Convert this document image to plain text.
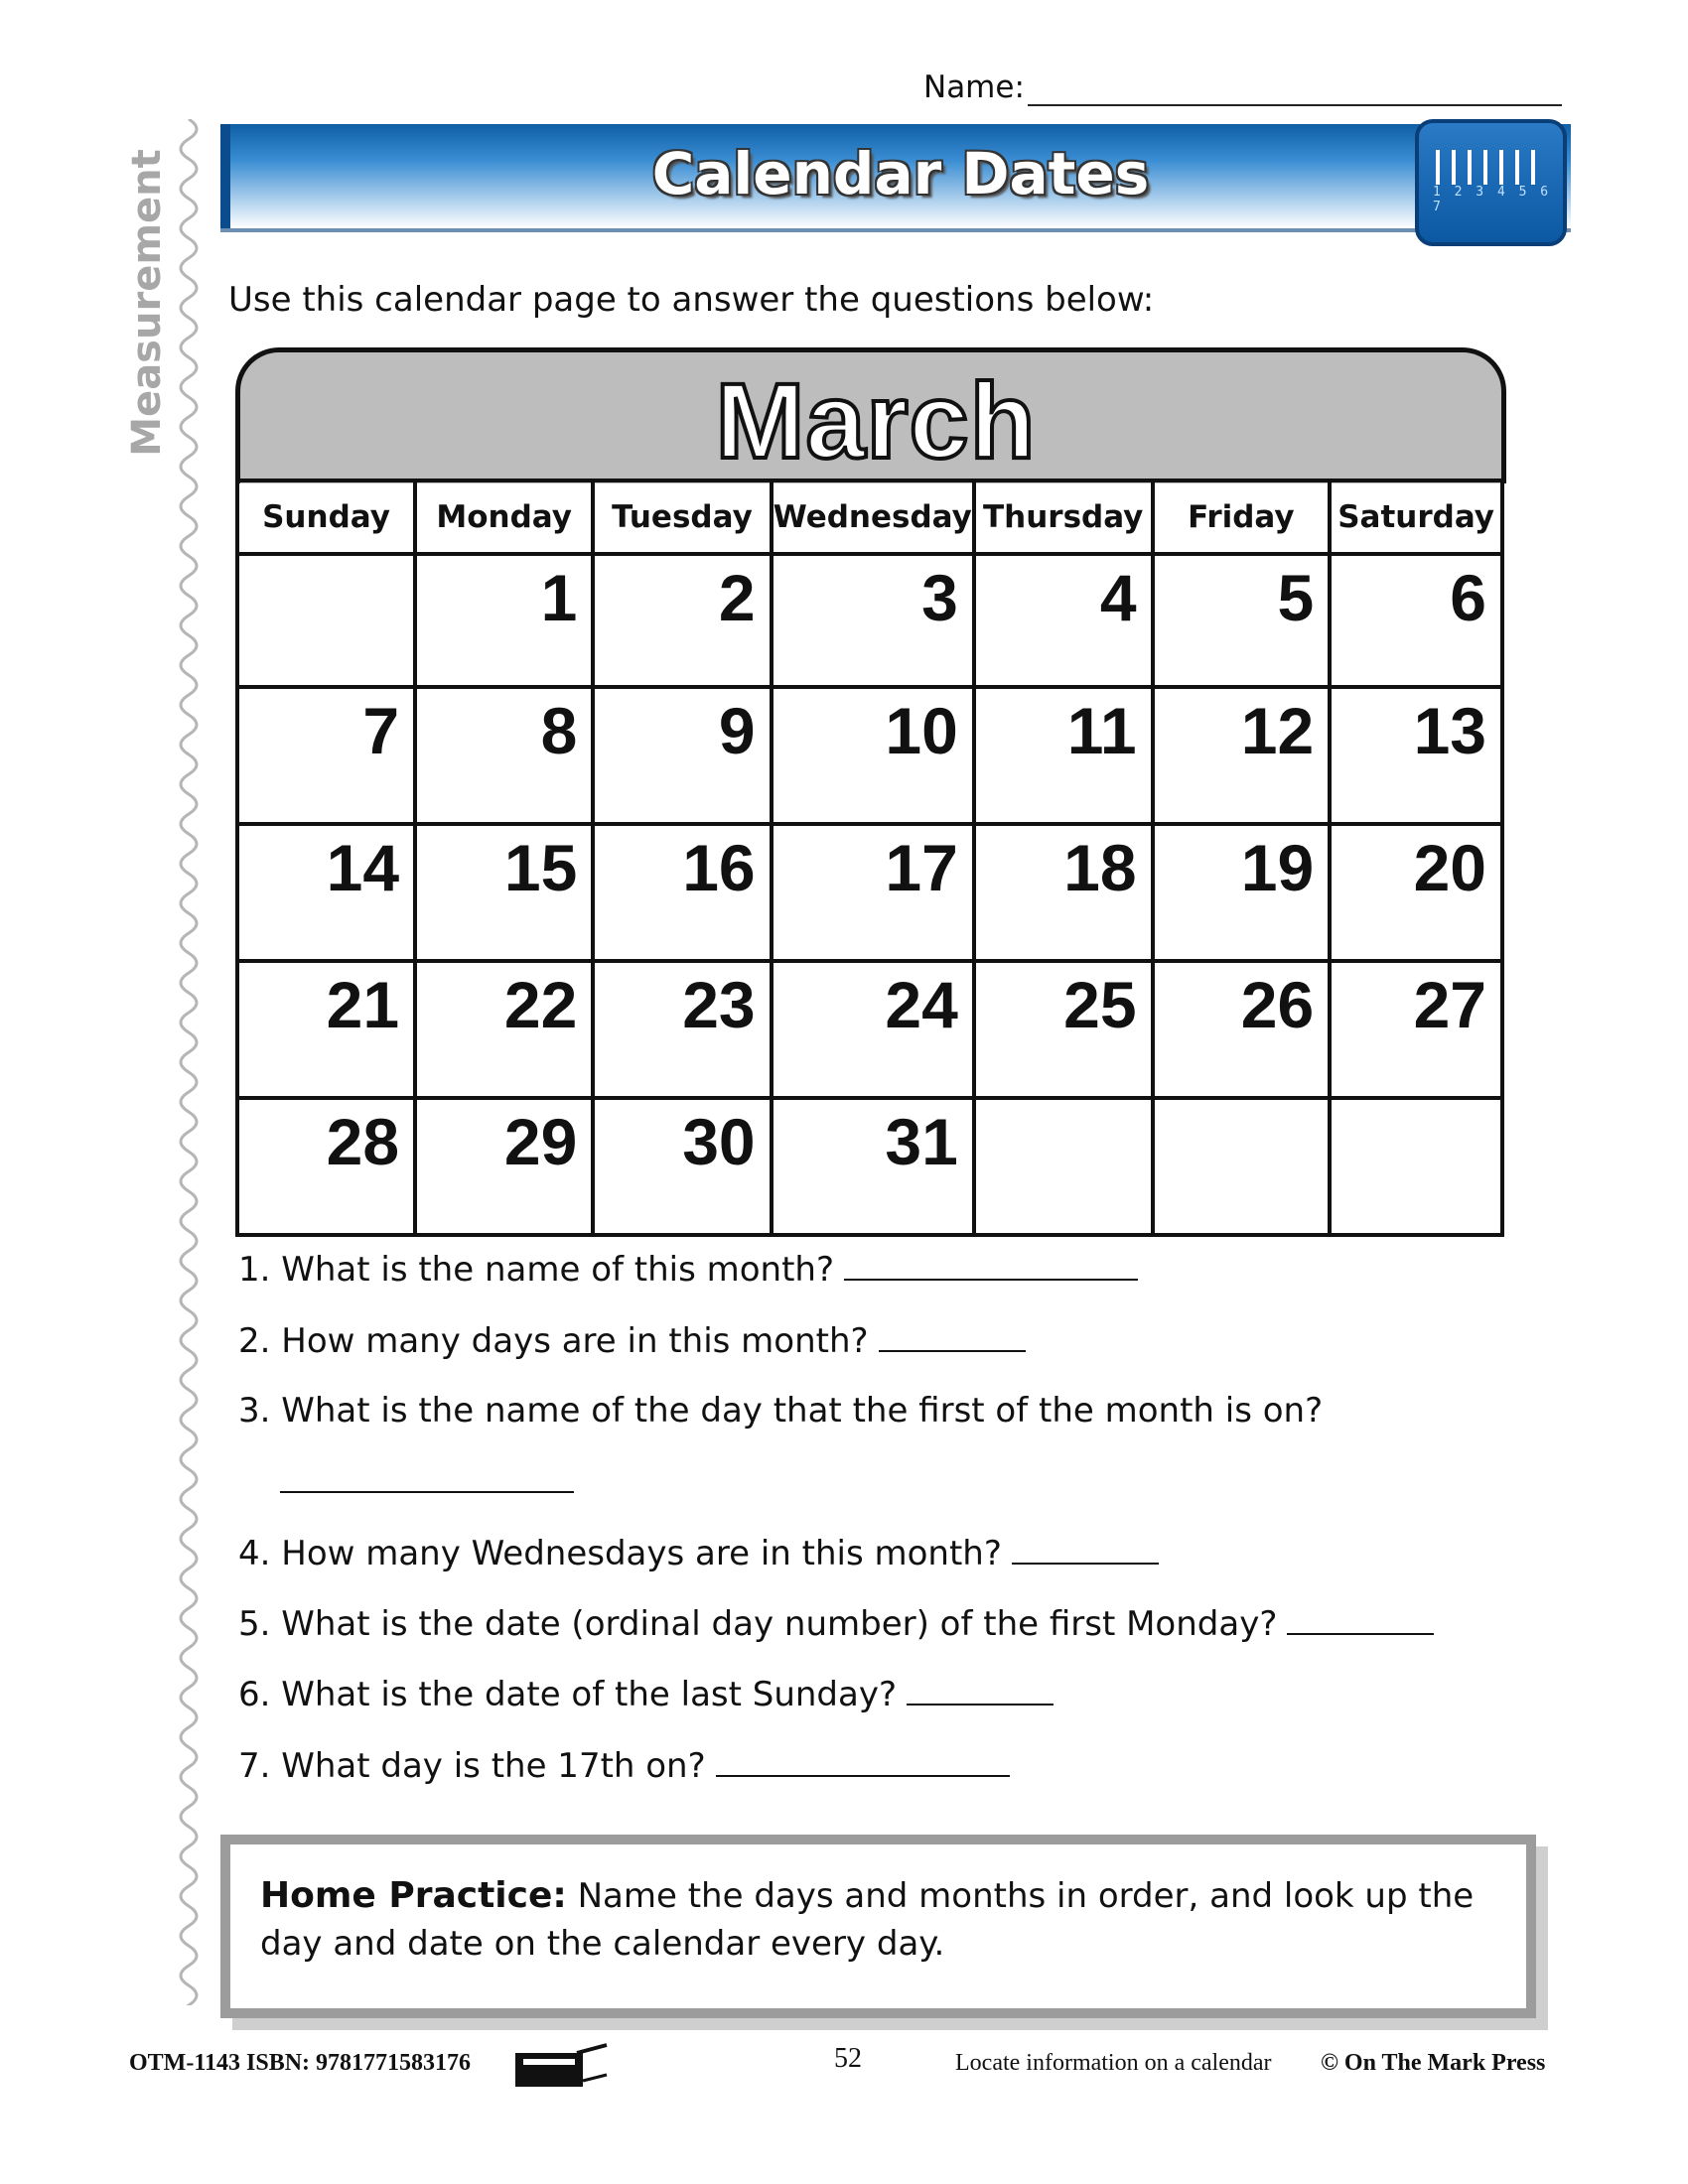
Measurement
Name:
Calendar Dates	1 2 3 4 5 6 7
Use this calendar page to answer the questions below:
March
Sunday	Monday	Tuesday	Wednesday	Thursday	Friday	Saturday
	1	2	3	4	5	6
7	8	9	10	11	12	13
14	15	16	17	18	19	20
21	22	23	24	25	26	27
28	29	30	31			
1. What is the name of this month?
2. How many days are in this month?
3. What is the name of the day that the first of the month is on?
4. How many Wednesdays are in this month?
5. What is the date (ordinal day number) of the first Monday?
6. What is the date of the last Sunday?
7. What day is the 17th on?
Home Practice: Name the days and months in order, and look up the day and date on the calendar every day.
OTM-1143 ISBN: 9781771583176	52	Locate information on a calendar © On The Mark Press
